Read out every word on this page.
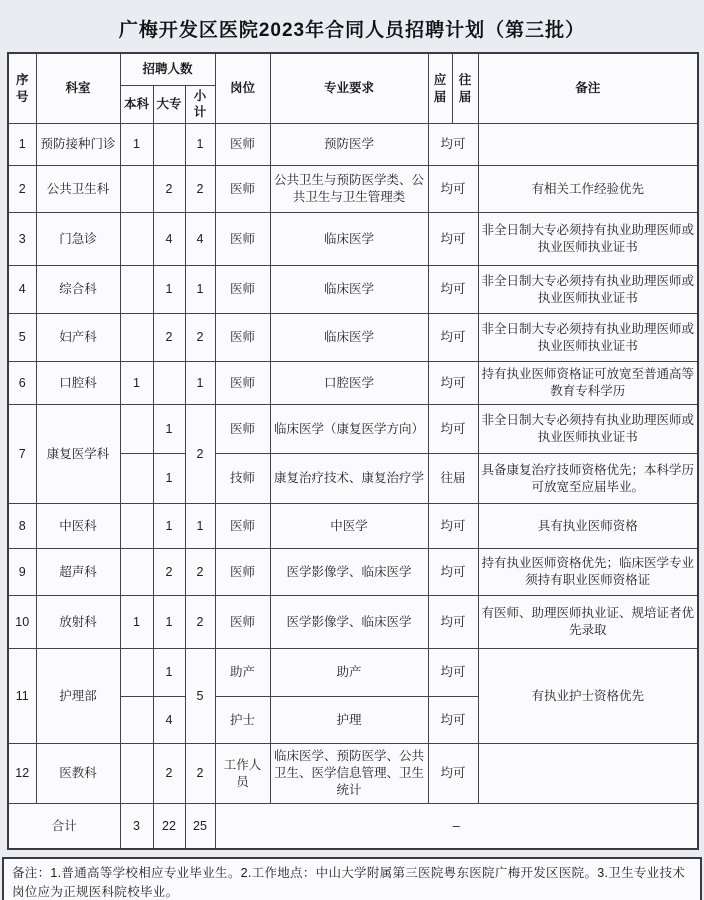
广梅开发区医院2023年合同人员招聘计划（第三批）
序号	科室	招聘人数			岗位	专业要求	应届	往届	备注
		本科	大专	小计					
1	预防接种门诊	1		1	医师	预防医学	均可		
2	公共卫生科		2	2	医师	公共卫生与预防医学类、公共卫生与卫生管理类	均可		有相关工作经验优先
3	门急诊		4	4	医师	临床医学	均可		非全日制大专必须持有执业助理医师或执业医师执业证书
4	综合科		1	1	医师	临床医学	均可		非全日制大专必须持有执业助理医师或执业医师执业证书
5	妇产科		2	2	医师	临床医学	均可		非全日制大专必须持有执业助理医师或执业医师执业证书
6	口腔科	1		1	医师	口腔医学	均可		持有执业医师资格证可放宽至普通高等教育专科学历
7	康复医学科		1	2	医师	临床医学（康复医学方向）	均可		非全日制大专必须持有执业助理医师或执业医师执业证书
			1		技师	康复治疗技术、康复治疗学	往届		具备康复治疗技师资格优先；本科学历可放宽至应届毕业。
8	中医科		1	1	医师	中医学	均可		具有执业医师资格
9	超声科		2	2	医师	医学影像学、临床医学	均可		持有执业医师资格优先；临床医学专业须持有职业医师资格证
10	放射科	1	1	2	医师	医学影像学、临床医学	均可		有医师、助理医师执业证、规培证者优先录取
11	护理部		1	5	助产	助产	均可		有执业护士资格优先
			4		护士	护理	均可		
12	医教科		2	2	工作人员	临床医学、预防医学、公共卫生、医学信息管理、卫生统计	均可		
合计		3	22	25	–				
备注：1.普通高等学校相应专业毕业生。2.工作地点：中山大学附属第三医院粤东医院广梅开发区医院。3.卫生专业技术岗位应为正规医科院校毕业。
